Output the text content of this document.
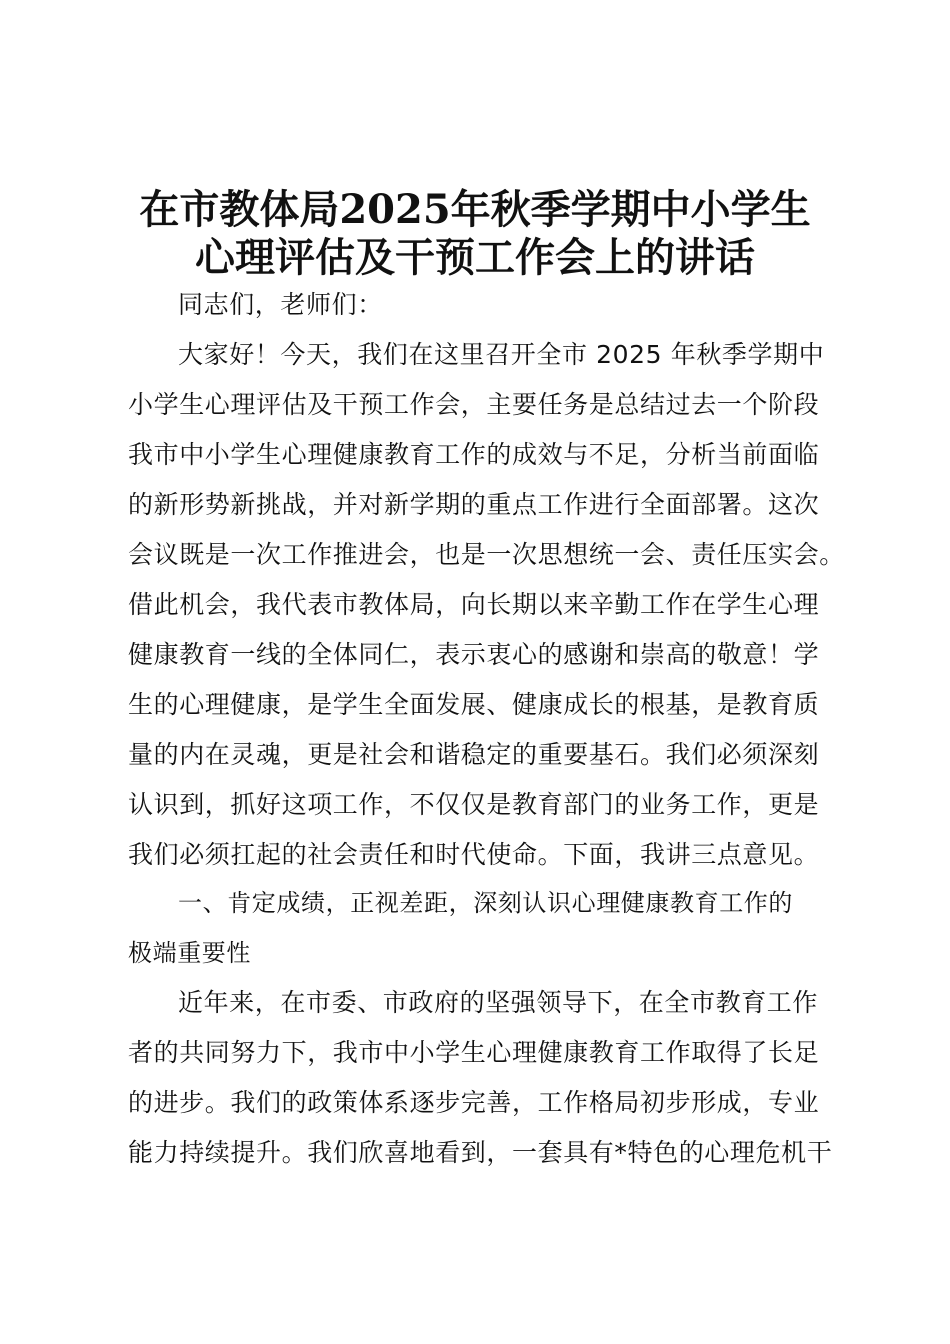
在市教体局2025年秋季学期中小学生
心理评估及干预工作会上的讲话
同志们，老师们：
大家好！今天，我们在这里召开全市 2025 年秋季学期中
小学生心理评估及干预工作会，主要任务是总结过去一个阶段
我市中小学生心理健康教育工作的成效与不足，分析当前面临
的新形势新挑战，并对新学期的重点工作进行全面部署。这次
会议既是一次工作推进会，也是一次思想统一会、责任压实会。
借此机会，我代表市教体局，向长期以来辛勤工作在学生心理
健康教育一线的全体同仁，表示衷心的感谢和崇高的敬意！学
生的心理健康，是学生全面发展、健康成长的根基，是教育质
量的内在灵魂，更是社会和谐稳定的重要基石。我们必须深刻
认识到，抓好这项工作，不仅仅是教育部门的业务工作，更是
我们必须扛起的社会责任和时代使命。下面，我讲三点意见。
一、肯定成绩，正视差距，深刻认识心理健康教育工作的
极端重要性
近年来，在市委、市政府的坚强领导下，在全市教育工作
者的共同努力下，我市中小学生心理健康教育工作取得了长足
的进步。我们的政策体系逐步完善，工作格局初步形成，专业
能力持续提升。我们欣喜地看到，一套具有*特色的心理危机干
